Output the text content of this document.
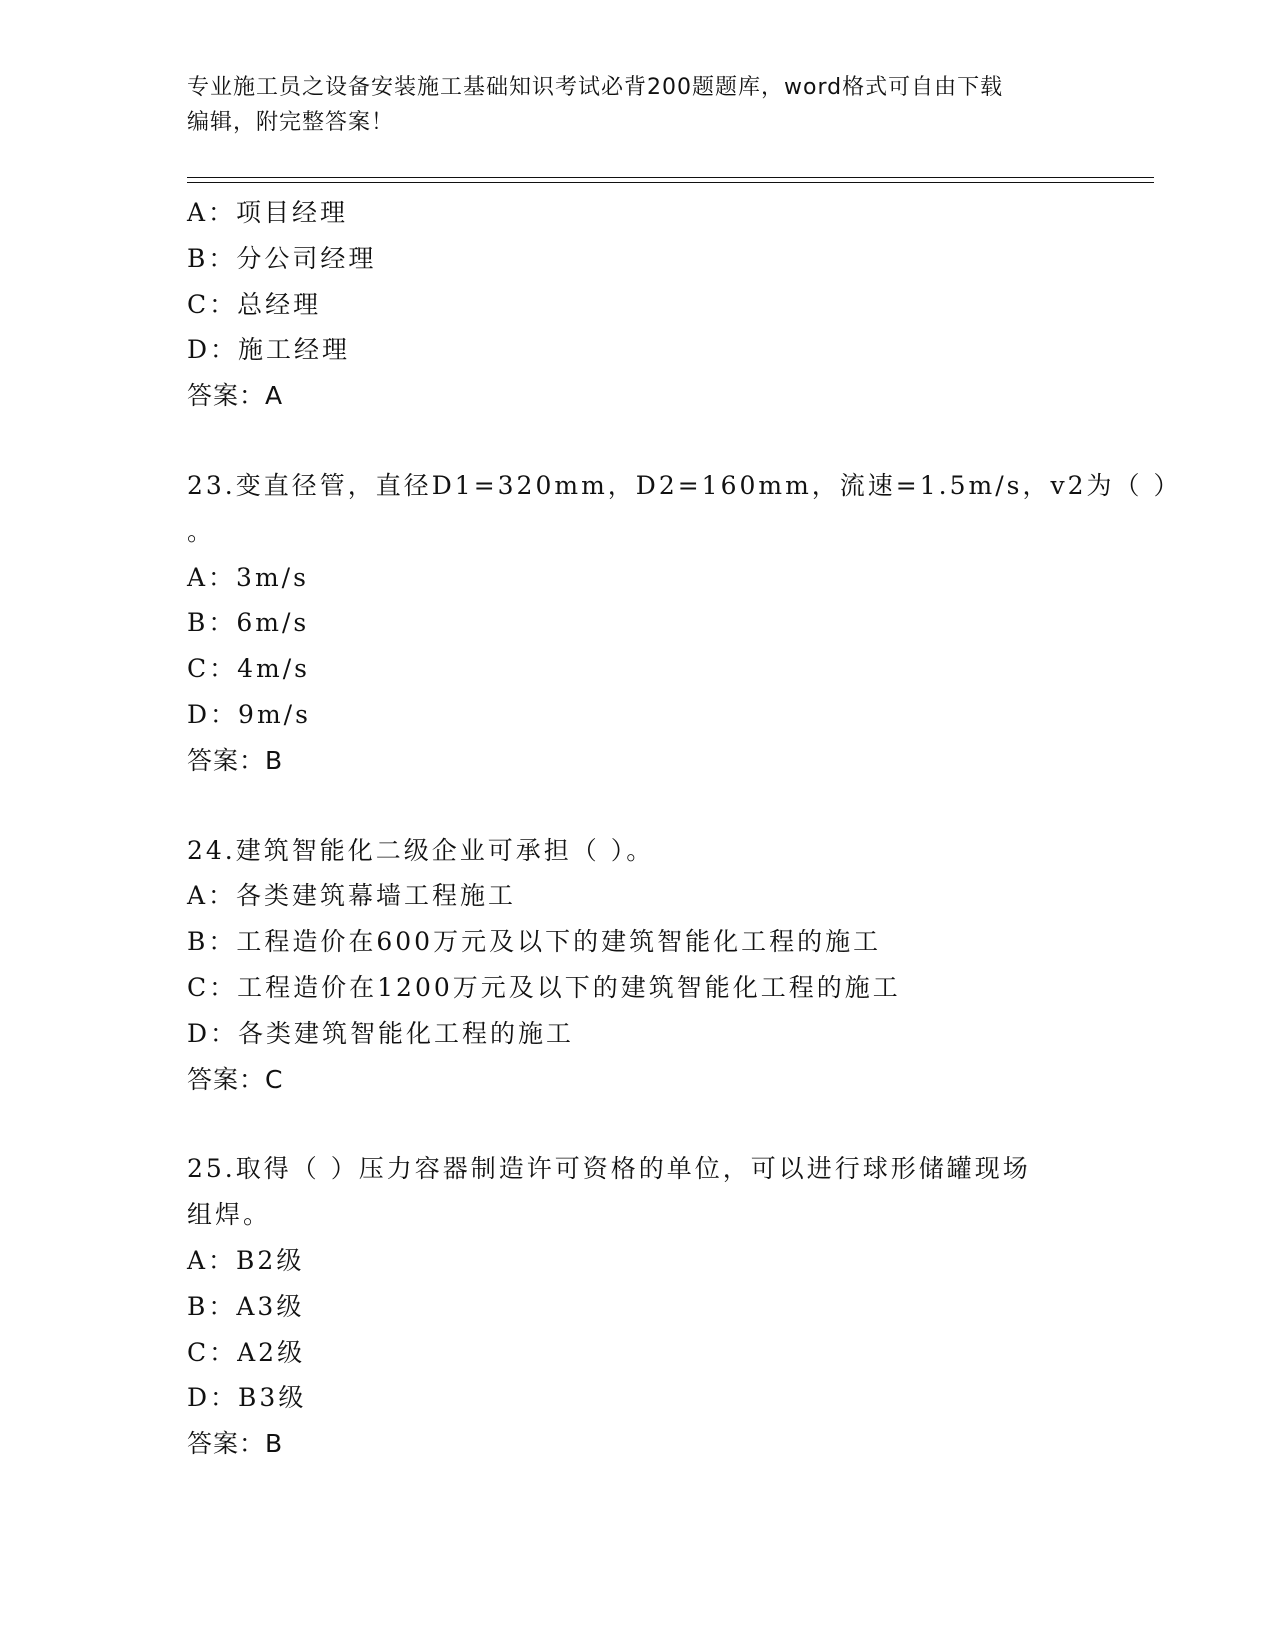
专业施工员之设备安装施工基础知识考试必背200题题库，word格式可自由下载
编辑，附完整答案！
A：项目经理
B：分公司经理
C：总经理
D：施工经理
答案：A
23.变直径管，直径D1=320mm，D2=160mm，流速=1.5m/s，v2为（ ）
。
A：3m/s
B：6m/s
C：4m/s
D：9m/s
答案：B
24.建筑智能化二级企业可承担（ ）。
A：各类建筑幕墙工程施工
B：工程造价在600万元及以下的建筑智能化工程的施工
C：工程造价在1200万元及以下的建筑智能化工程的施工
D：各类建筑智能化工程的施工
答案：C
25.取得（ ）压力容器制造许可资格的单位，可以进行球形储罐现场
组焊。
A：B2级
B：A3级
C：A2级
D：B3级
答案：B
